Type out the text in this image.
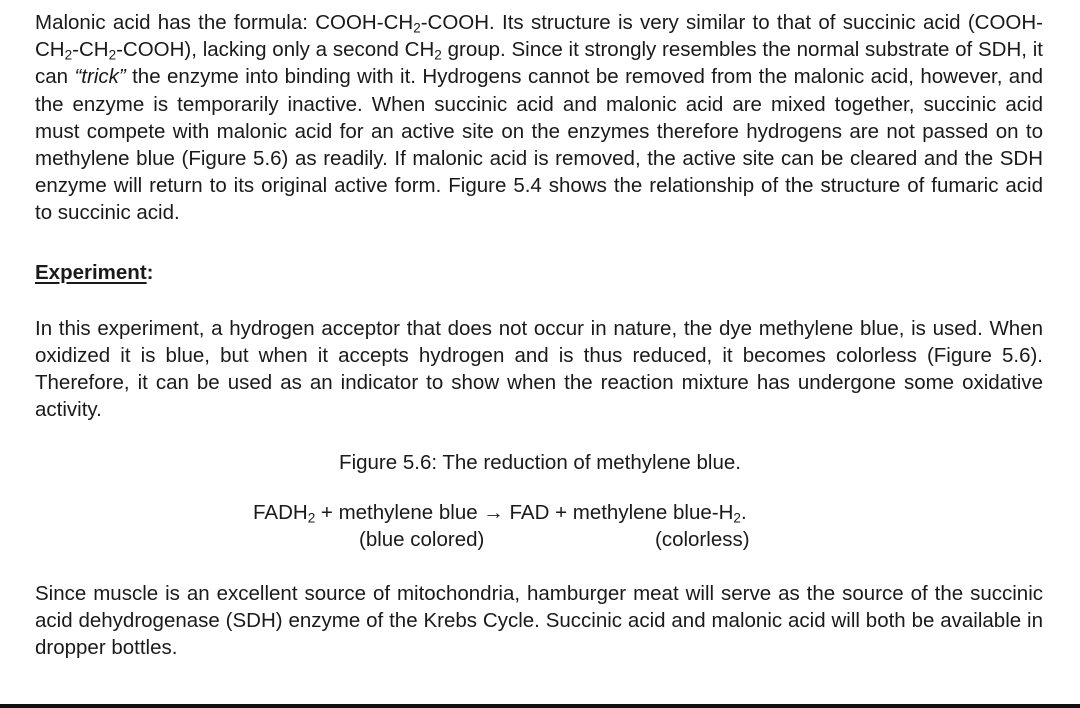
Malonic acid has the formula: COOH-$CH_2$-COOH. Its structure is very similar to that of succinic acid $(COOH-CH_2-CH_2-COOH)$, lacking only a second $CH_2$ group. Since it strongly resembles the normal substrate of SDH, it can “trick” the enzyme into binding with it. Hydrogens cannot be removed from the malonic acid, however, and the enzyme is temporarily inactive. When succinic acid and malonic acid are mixed together, succinic acid must compete with malonic acid for an active site on the enzymes therefore hydrogens are not passed on to methylene blue (Figure 5.6) as readily. If malonic acid is removed, the active site can be cleared and the SDH enzyme will return to its original active form. Figure 5.4 shows the relationship of the structure of fumaric acid to succinic acid.

Experiment:

In this experiment, a hydrogen acceptor that does not occur in nature, the dye methylene blue, is used. When oxidized it is blue, but when it accepts hydrogen and is thus reduced, it becomes colorless (Figure 5.6). Therefore, it can be used as an indicator to show when the reaction mixture has undergone some oxidative activity.

Figure 5.6: The reduction of methylene blue.

$FADH_2$ + methylene blue → FAD + methylene blue-$H_2$.
(blue colored)	(colorless)

Since muscle is an excellent source of mitochondria, hamburger meat will serve as the source of the succinic acid dehydrogenase (SDH) enzyme of the Krebs Cycle. Succinic acid and malonic acid will both be available in dropper bottles.
